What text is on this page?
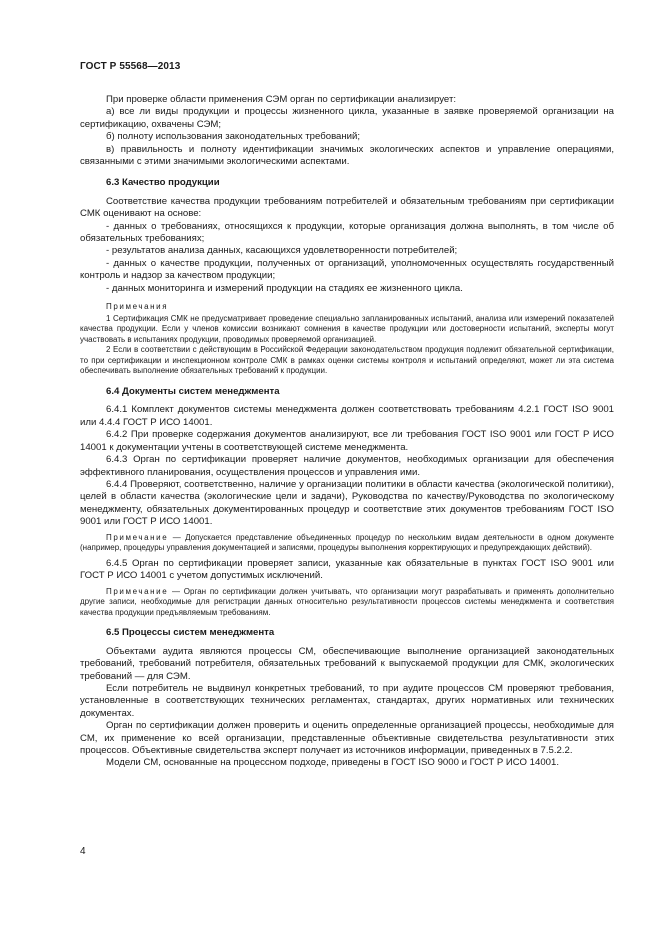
ГОСТ Р 55568—2013

При проверке области применения СЭМ орган по сертификации анализирует:

а) все ли виды продукции и процессы жизненного цикла, указанные в заявке проверяемой организации на сертификацию, охвачены СЭМ;

б) полноту использования законодательных требований;

в) правильность и полноту идентификации значимых экологических аспектов и управление операциями, связанными с этими значимыми экологическими аспектами.

6.3 Качество продукции

Соответствие качества продукции требованиям потребителей и обязательным требованиям при сертификации СМК оценивают на основе:

- данных о требованиях, относящихся к продукции, которые организация должна выполнять, в том числе об обязательных требованиях;

- результатов анализа данных, касающихся удовлетворенности потребителей;

- данных о качестве продукции, полученных от организаций, уполномоченных осуществлять государственный контроль и надзор за качеством продукции;

- данных мониторинга и измерений продукции на стадиях ее жизненного цикла.

Примечания

1 Сертификация СМК не предусматривает проведение специально запланированных испытаний, анализа или измерений показателей качества продукции. Если у членов комиссии возникают сомнения в качестве продукции или достоверности испытаний, эксперты могут участвовать в испытаниях продукции, проводимых проверяемой организацией.

2 Если в соответствии с действующим в Российской Федерации законодательством продукция подлежит обязательной сертификации, то при сертификации и инспекционном контроле СМК в рамках оценки системы контроля и испытаний определяют, может ли эта система обеспечивать выполнение обязательных требований к продукции.

6.4 Документы систем менеджмента

6.4.1 Комплект документов системы менеджмента должен соответствовать требованиям 4.2.1 ГОСТ ISO 9001 или 4.4.4 ГОСТ Р ИСО 14001.

6.4.2 При проверке содержания документов анализируют, все ли требования ГОСТ ISO 9001 или ГОСТ Р ИСО 14001 к документации учтены в соответствующей системе менеджмента.

6.4.3 Орган по сертификации проверяет наличие документов, необходимых организации для обеспечения эффективного планирования, осуществления процессов и управления ими.

6.4.4 Проверяют, соответственно, наличие у организации политики в области качества (экологической политики), целей в области качества (экологические цели и задачи), Руководства по качеству/Руководства по экологическому менеджменту, обязательных документированных процедур и соответствие этих документов требованиям ГОСТ ISO 9001 или ГОСТ Р ИСО 14001.

Примечание — Допускается представление объединенных процедур по нескольким видам деятельности в одном документе (например, процедуры управления документацией и записями, процедуры выполнения корректирующих и предупреждающих действий).

6.4.5 Орган по сертификации проверяет записи, указанные как обязательные в пунктах ГОСТ ISO 9001 или ГОСТ Р ИСО 14001 с учетом допустимых исключений.

Примечание — Орган по сертификации должен учитывать, что организации могут разрабатывать и применять дополнительно другие записи, необходимые для регистрации данных относительно результативности процессов системы менеджмента и соответствия качества продукции предъявляемым требованиям.

6.5 Процессы систем менеджмента

Объектами аудита являются процессы СМ, обеспечивающие выполнение организацией законодательных требований, требований потребителя, обязательных требований к выпускаемой продукции для СМК, экологических требований — для СЭМ.

Если потребитель не выдвинул конкретных требований, то при аудите процессов СМ проверяют требования, установленные в соответствующих технических регламентах, стандартах, других нормативных или технических документах.

Орган по сертификации должен проверить и оценить определенные организацией процессы, необходимые для СМ, их применение ко всей организации, представленные объективные свидетельства результативности этих процессов. Объективные свидетельства эксперт получает из источников информации, приведенных в 7.5.2.2.

Модели СМ, основанные на процессном подходе, приведены в ГОСТ ISO 9000 и ГОСТ Р ИСО 14001.

4
